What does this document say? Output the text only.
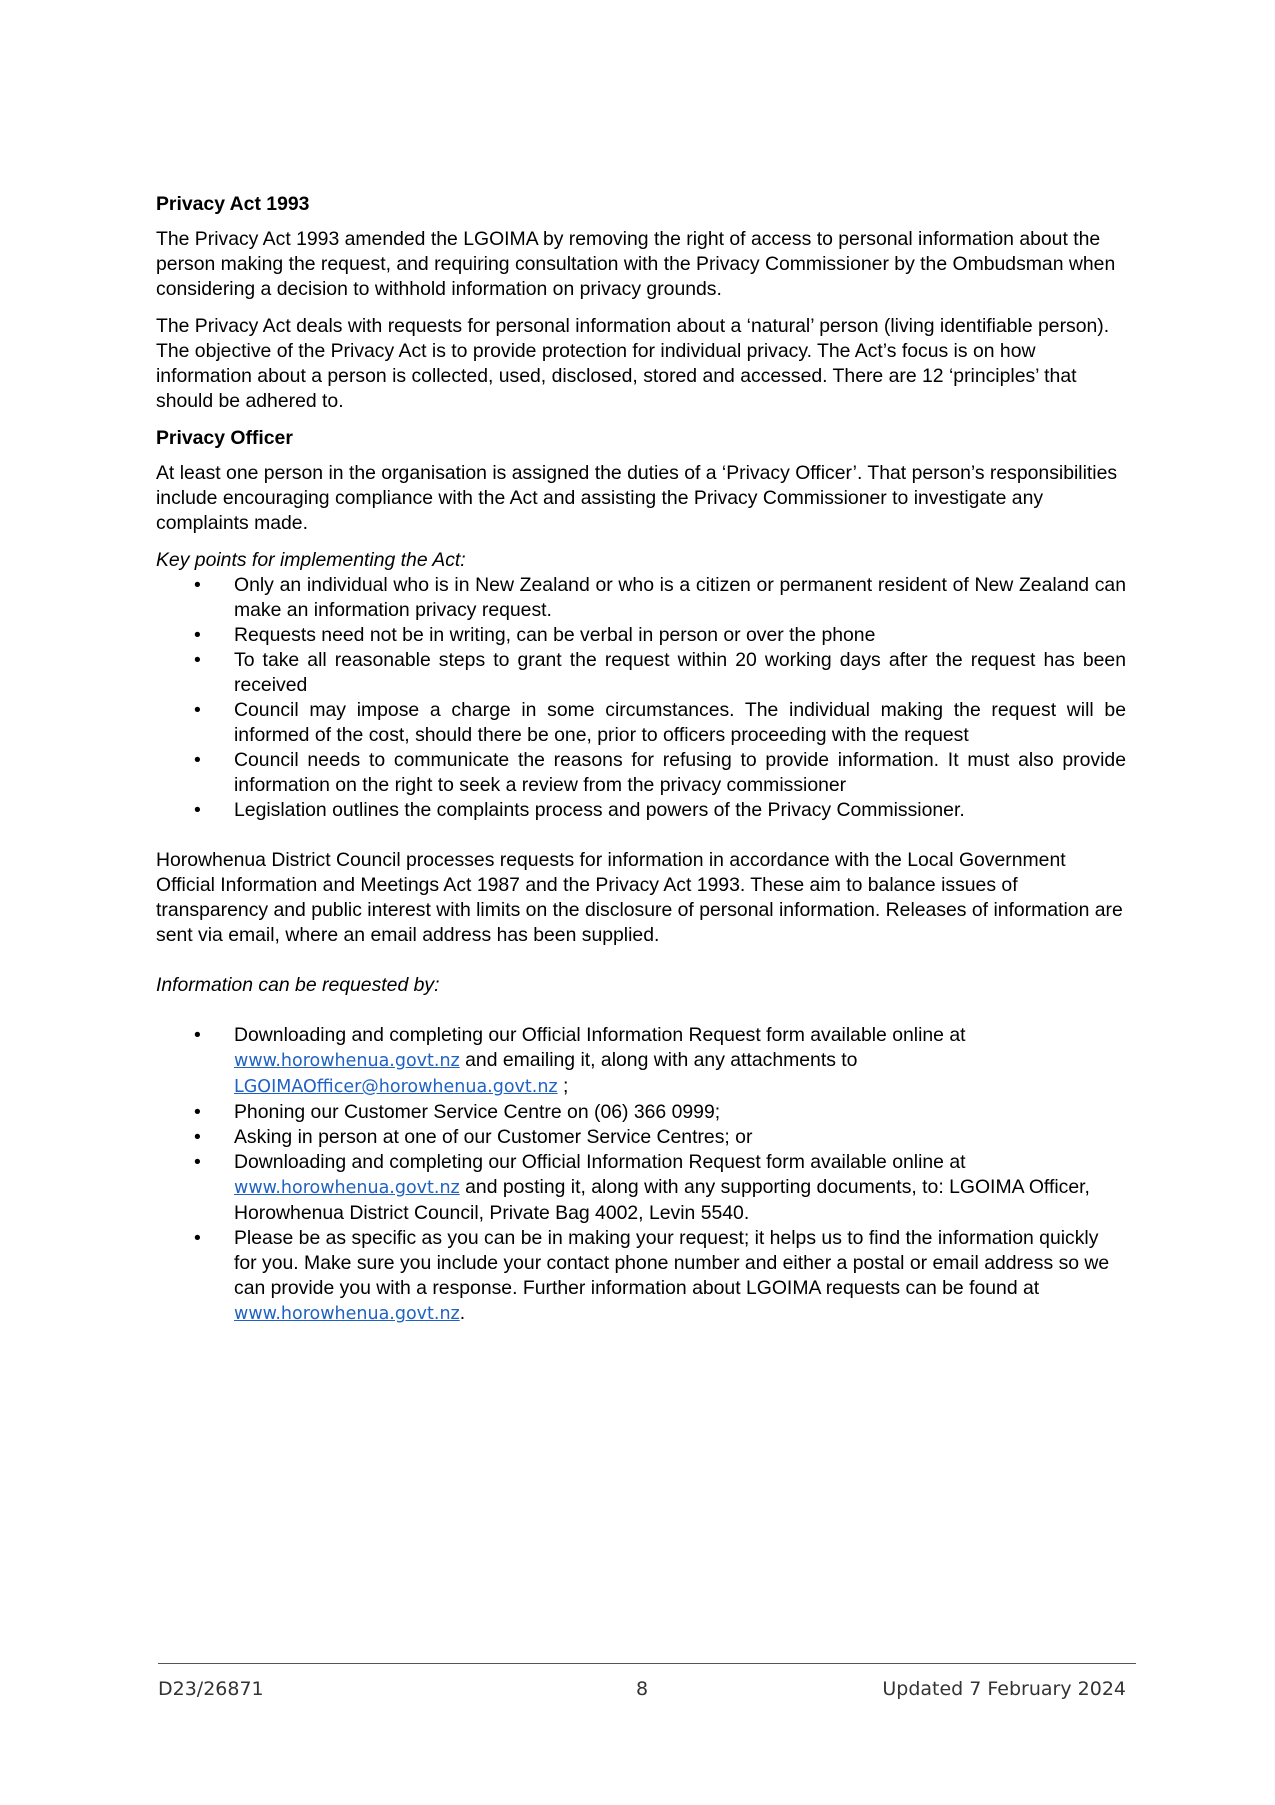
Privacy Act 1993

The Privacy Act 1993 amended the LGOIMA by removing the right of access to personal information about the person making the request, and requiring consultation with the Privacy Commissioner by the Ombudsman when considering a decision to withhold information on privacy grounds.

The Privacy Act deals with requests for personal information about a ‘natural’ person (living identifiable person). The objective of the Privacy Act is to provide protection for individual privacy. The Act’s focus is on how information about a person is collected, used, disclosed, stored and accessed. There are 12 ‘principles’ that should be adhered to.

Privacy Officer

At least one person in the organisation is assigned the duties of a ‘Privacy Officer’. That person’s responsibilities include encouraging compliance with the Act and assisting the Privacy Commissioner to investigate any complaints made.

Key points for implementing the Act:

• Only an individual who is in New Zealand or who is a citizen or permanent resident of New Zealand can make an information privacy request.
• Requests need not be in writing, can be verbal in person or over the phone
• To take all reasonable steps to grant the request within 20 working days after the request has been received
• Council may impose a charge in some circumstances. The individual making the request will be informed of the cost, should there be one, prior to officers proceeding with the request
• Council needs to communicate the reasons for refusing to provide information. It must also provide information on the right to seek a review from the privacy commissioner
• Legislation outlines the complaints process and powers of the Privacy Commissioner.

Horowhenua District Council processes requests for information in accordance with the Local Government Official Information and Meetings Act 1987 and the Privacy Act 1993. These aim to balance issues of transparency and public interest with limits on the disclosure of personal information. Releases of information are sent via email, where an email address has been supplied.

Information can be requested by:

• Downloading and completing our Official Information Request form available online at www.horowhenua.govt.nz and emailing it, along with any attachments to LGOIMAOfficer@horowhenua.govt.nz ;
• Phoning our Customer Service Centre on (06) 366 0999;
• Asking in person at one of our Customer Service Centres; or
• Downloading and completing our Official Information Request form available online at www.horowhenua.govt.nz and posting it, along with any supporting documents, to: LGOIMA Officer, Horowhenua District Council, Private Bag 4002, Levin 5540.
• Please be as specific as you can be in making your request; it helps us to find the information quickly for you. Make sure you include your contact phone number and either a postal or email address so we can provide you with a response. Further information about LGOIMA requests can be found at www.horowhenua.govt.nz.
D23/26871	8	Updated 7 February 2024
